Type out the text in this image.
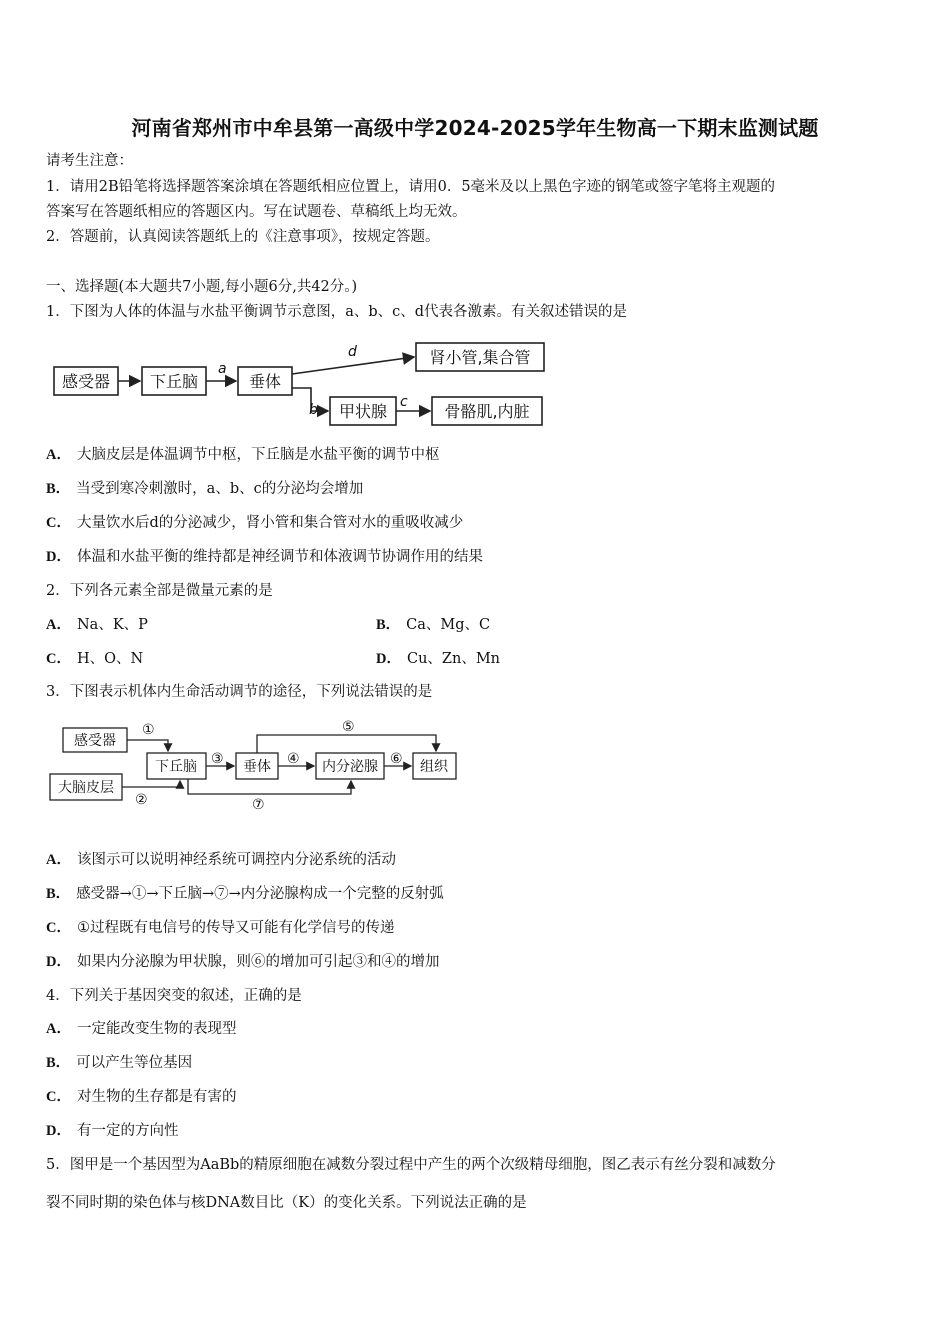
河南省郑州市中牟县第一高级中学2024-2025学年生物高一下期末监测试题
请考生注意：
1．请用2B铅笔将选择题答案涂填在答题纸相应位置上，请用0．5毫米及以上黑色字迹的钢笔或签字笔将主观题的
答案写在答题纸相应的答题区内。写在试题卷、草稿纸上均无效。
2．答题前，认真阅读答题纸上的《注意事项》，按规定答题。
一、选择题(本大题共7小题,每小题6分,共42分。)
1．下图为人体的体温与水盐平衡调节示意图，a、b、c、d代表各激素。有关叙述错误的是
感受器 下丘脑	垂体
肾小管,集合管
甲状腺	骨骼肌,内脏
a
b	c
d
A． 大脑皮层是体温调节中枢，下丘脑是水盐平衡的调节中枢
B． 当受到寒冷刺激时，a、b、c的分泌均会增加
C． 大量饮水后d的分泌减少，肾小管和集合管对水的重吸收减少
D． 体温和水盐平衡的维持都是神经调节和体液调节协调作用的结果
2．下列各元素全部是微量元素的是
A． Na、K、P	B． Ca、Mg、C
C． H、O、N	D． Cu、Zn、Mn
3．下图表示机体内生命活动调节的途径，下列说法错误的是
感受器
大脑皮层
下丘脑	垂体	内分泌腺	组织
①
②
③	④
⑤
⑥
⑦
A． 该图示可以说明神经系统可调控内分泌系统的活动
B． 感受器→①→下丘脑→⑦→内分泌腺构成一个完整的反射弧
C． ①过程既有电信号的传导又可能有化学信号的传递
D． 如果内分泌腺为甲状腺，则⑥的增加可引起③和④的增加
4．下列关于基因突变的叙述，正确的是
A． 一定能改变生物的表现型
B． 可以产生等位基因
C． 对生物的生存都是有害的
D． 有一定的方向性
5．图甲是一个基因型为AaBb的精原细胞在减数分裂过程中产生的两个次级精母细胞，图乙表示有丝分裂和减数分
裂不同时期的染色体与核DNA数目比（K）的变化关系。下列说法正确的是
